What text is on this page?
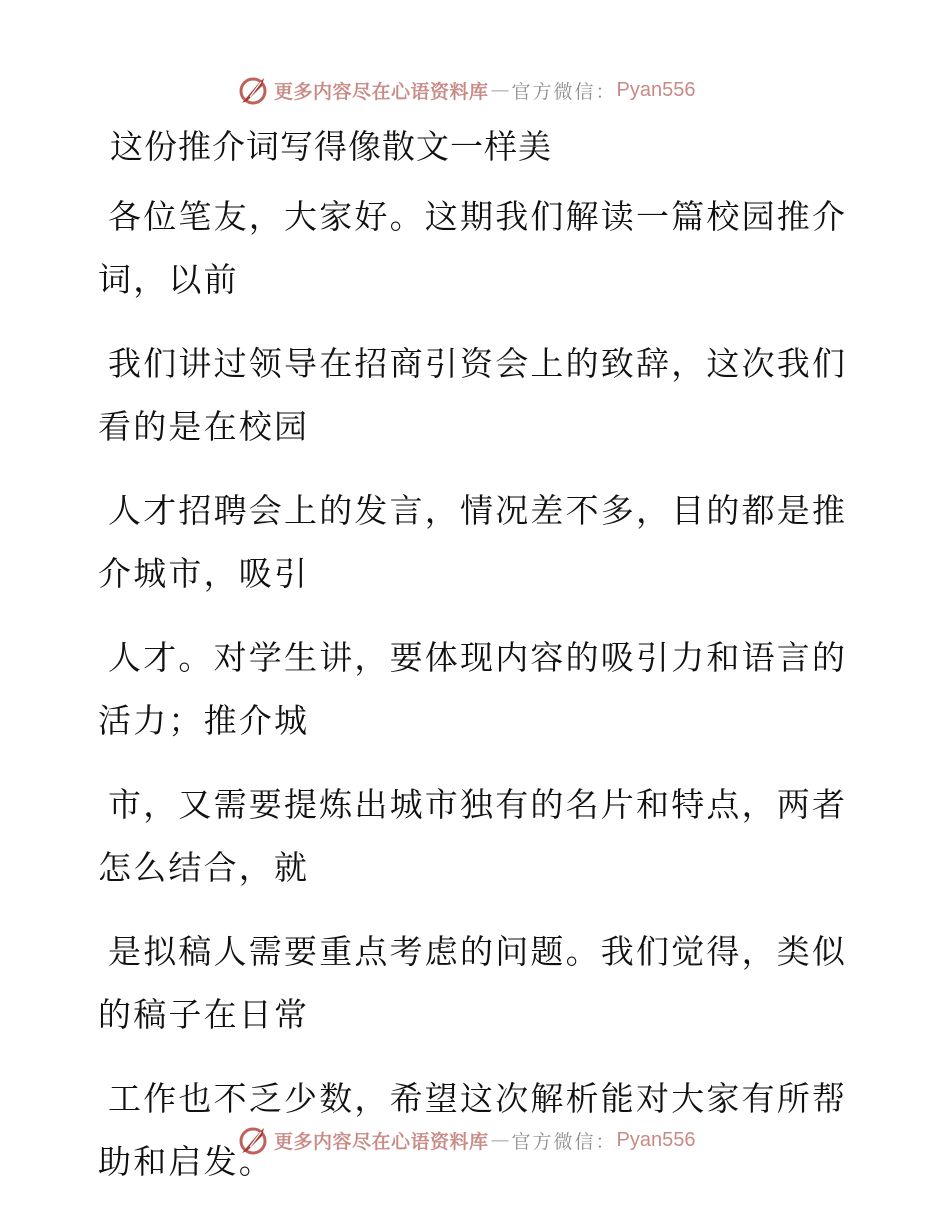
更多内容尽在心语资料库 — 官方微信： Pyan556
这份推介词写得像散文一样美
各位笔友，大家好。这期我们解读一篇校园推介
词，以前
我们讲过领导在招商引资会上的致辞，这次我们
看的是在校园
人才招聘会上的发言，情况差不多，目的都是推
介城市，吸引
人才。对学生讲，要体现内容的吸引力和语言的
活力；推介城
市，又需要提炼出城市独有的名片和特点，两者
怎么结合，就
是拟稿人需要重点考虑的问题。我们觉得，类似
的稿子在日常
工作也不乏少数，希望这次解析能对大家有所帮
助和启发。
更多内容尽在心语资料库 — 官方微信： Pyan556
